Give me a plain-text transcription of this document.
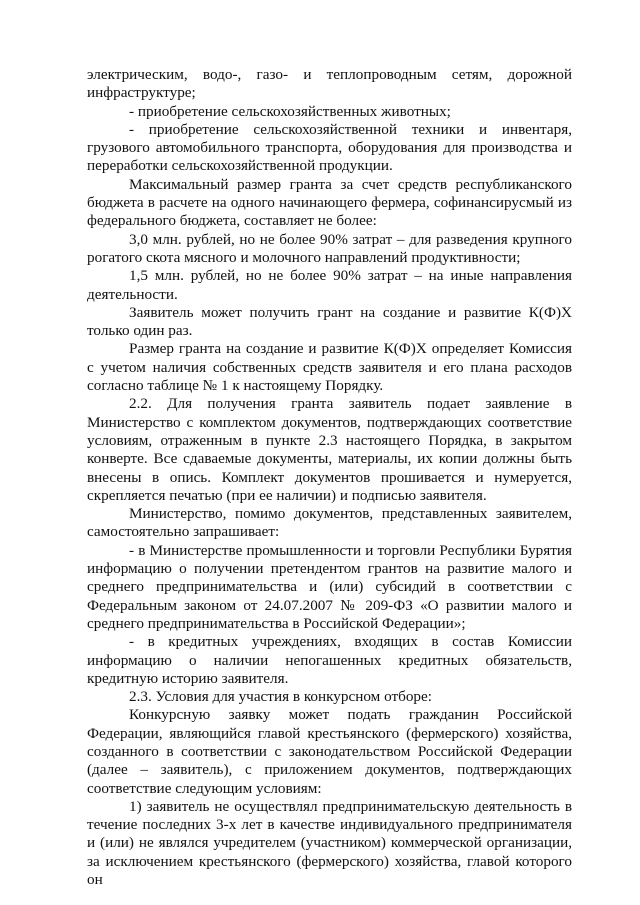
электрическим, водо-, газо- и теплопроводным сетям, дорожной инфраструктуре;

- приобретение сельскохозяйственных животных;

- приобретение сельскохозяйственной техники и инвентаря, грузового автомобильного транспорта, оборудования для производства и переработки сельскохозяйственной продукции.

Максимальный размер гранта за счет средств республиканского бюджета в расчете на одного начинающего фермера, софинансирусмый из федерального бюджета, составляет не более:

3,0 млн. рублей, но не более 90% затрат – для разведения крупного рогатого скота мясного и молочного направлений продуктивности;

1,5 млн. рублей, но не более 90% затрат – на иные направления деятельности.

Заявитель может получить грант на создание и развитие К(Ф)Х только один раз.

Размер гранта на создание и развитие К(Ф)Х определяет Комиссия с учетом наличия собственных средств заявителя и его плана расходов согласно таблице № 1 к настоящему Порядку.

2.2. Для получения гранта заявитель подает заявление в Министерство с комплектом документов, подтверждающих соответствие условиям, отраженным в пункте 2.3 настоящего Порядка, в закрытом конверте. Все сдаваемые документы, материалы, их копии должны быть внесены в опись. Комплект документов прошивается и нумеруется, скрепляется печатью (при ее наличии) и подписью заявителя.

Министерство, помимо документов, представленных заявителем, самостоятельно запрашивает:

- в Министерстве промышленности и торговли Республики Бурятия информацию о получении претендентом грантов на развитие малого и среднего предпринимательства и (или) субсидий в соответствии с Федеральным законом от 24.07.2007 № 209-ФЗ «О развитии малого и среднего предпринимательства в Российской Федерации»;

- в кредитных учреждениях, входящих в состав Комиссии информацию о наличии непогашенных кредитных обязательств, кредитную историю заявителя.

2.3. Условия для участия в конкурсном отборе:

Конкурсную заявку может подать гражданин Российской Федерации, являющийся главой крестьянского (фермерского) хозяйства, созданного в соответствии с законодательством Российской Федерации (далее – заявитель), с приложением документов, подтверждающих соответствие следующим условиям:

1) заявитель не осуществлял предпринимательскую деятельность в течение последних 3-х лет в качестве индивидуального предпринимателя и (или) не являлся учредителем (участником) коммерческой организации, за исключением крестьянского (фермерского) хозяйства, главой которого он
